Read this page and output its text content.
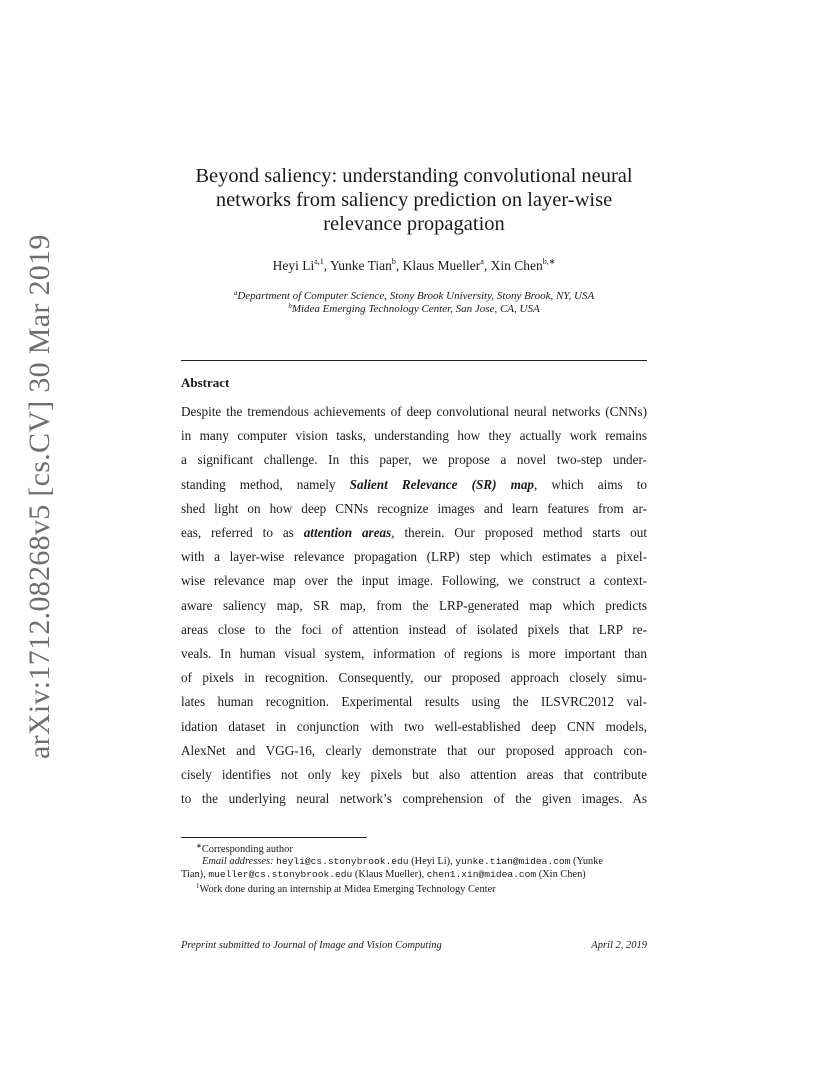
arXiv:1712.08268v5 [cs.CV] 30 Mar 2019
Beyond saliency: understanding convolutional neural
networks from saliency prediction on layer-wise
relevance propagation
Heyi Li$^{a,1}$, Yunke Tian$^b$, Klaus Mueller$^a$, Xin Chen$^{b,∗}$
$^a$Department of Computer Science, Stony Brook University, Stony Brook, NY, USA
$^b$Midea Emerging Technology Center, San Jose, CA, USA
Abstract
Despite the tremendous achievements of deep convolutional neural networks (CNNs)
in many computer vision tasks, understanding how they actually work remains
a significant challenge. In this paper, we propose a novel two-step under-
standing method, namely Salient Relevance (SR) map, which aims to
shed light on how deep CNNs recognize images and learn features from ar-
eas, referred to as attention areas, therein. Our proposed method starts out
with a layer-wise relevance propagation (LRP) step which estimates a pixel-
wise relevance map over the input image. Following, we construct a context-
aware saliency map, SR map, from the LRP-generated map which predicts
areas close to the foci of attention instead of isolated pixels that LRP re-
veals. In human visual system, information of regions is more important than
of pixels in recognition. Consequently, our proposed approach closely simu-
lates human recognition. Experimental results using the ILSVRC2012 val-
idation dataset in conjunction with two well-established deep CNN models,
AlexNet and VGG-16, clearly demonstrate that our proposed approach con-
cisely identifies not only key pixels but also attention areas that contribute
to the underlying neural network’s comprehension of the given images. As
∗Corresponding author
Email addresses: heyli@cs.stonybrook.edu (Heyi Li), yunke.tian@midea.com (Yunke
Tian), mueller@cs.stonybrook.edu (Klaus Mueller), chen1.xin@midea.com (Xin Chen)
$^1$Work done during an internship at Midea Emerging Technology Center
Preprint submitted to Journal of Image and Vision Computing	April 2, 2019
